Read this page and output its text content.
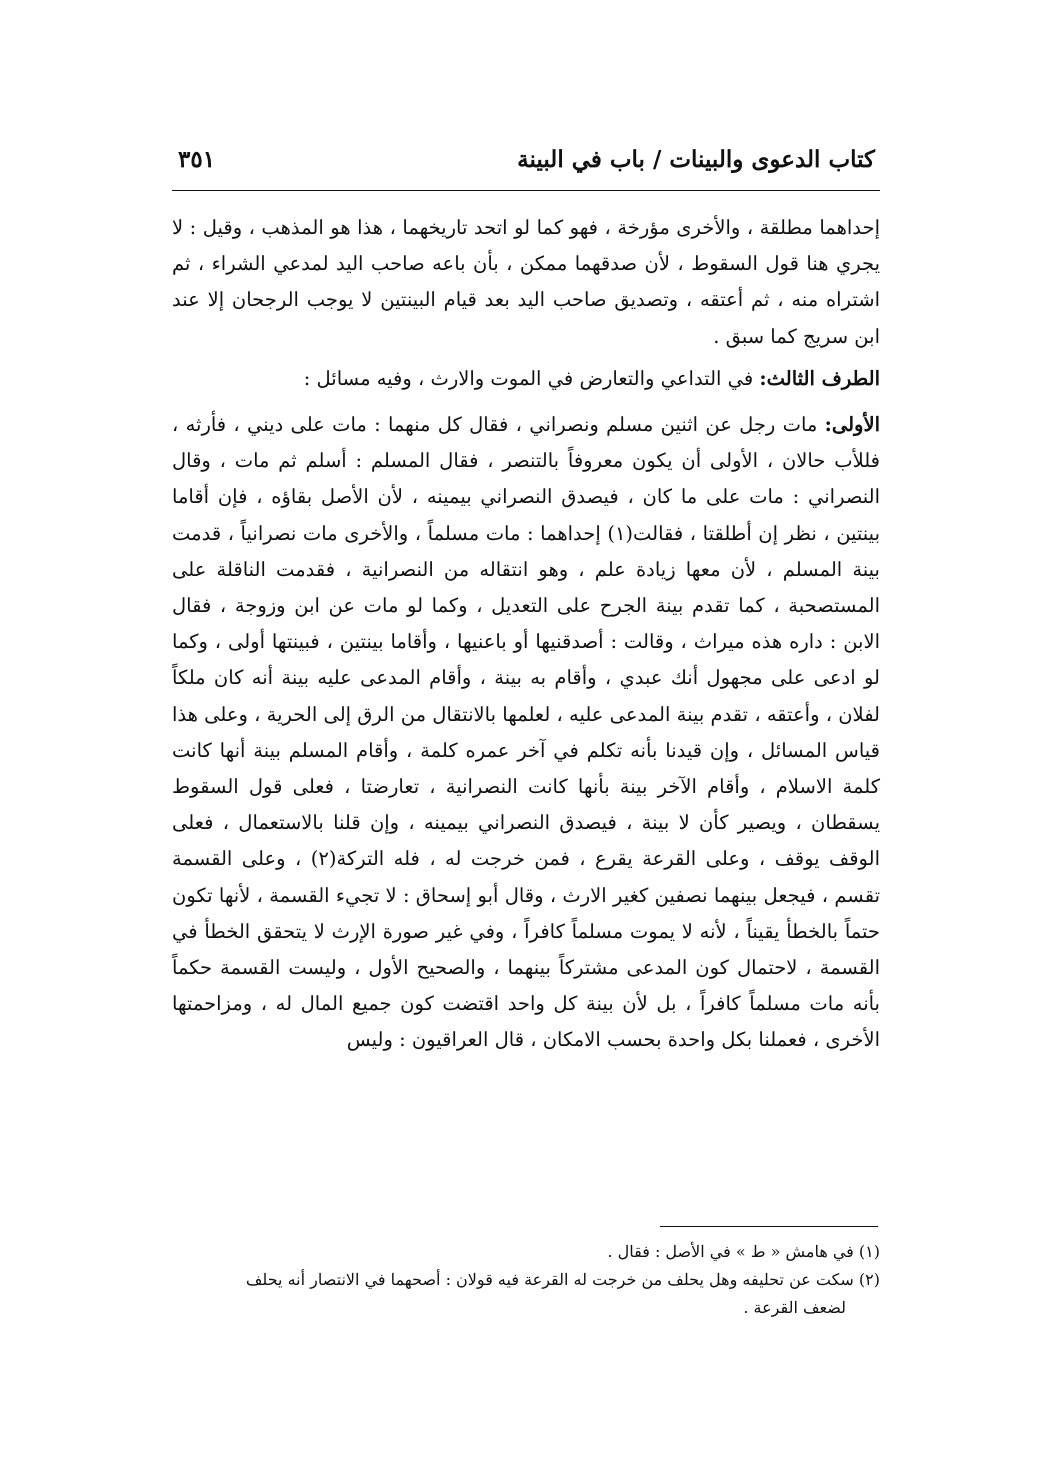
كتاب الدعوى والبينات / باب في البينة
٣٥١

إحداهما مطلقة ، والأخرى مؤرخة ، فهو كما لو اتحد تاريخهما ، هذا هو المذهب ، وقيل : لا يجري هنا قول السقوط ، لأن صدقهما ممكن ، بأن باعه صاحب اليد لمدعي الشراء ، ثم اشتراه منه ، ثم أعتقه ، وتصديق صاحب اليد بعد قيام البينتين لا يوجب الرجحان إلا عند ابن سريج كما سبق .

الطرف الثالث: في التداعي والتعارض في الموت والارث ، وفيه مسائل :

الأولى: مات رجل عن اثنين مسلم ونصراني ، فقال كل منهما : مات على ديني ، فأرثه ، فللأب حالان ، الأولى أن يكون معروفاً بالتنصر ، فقال المسلم : أسلم ثم مات ، وقال النصراني : مات على ما كان ، فيصدق النصراني بيمينه ، لأن الأصل بقاؤه ، فإن أقاما بينتين ، نظر إن أطلقتا ، فقالت(١) إحداهما : مات مسلماً ، والأخرى مات نصرانياً ، قدمت بينة المسلم ، لأن معها زيادة علم ، وهو انتقاله من النصرانية ، فقدمت الناقلة على المستصحبة ، كما تقدم بينة الجرح على التعديل ، وكما لو مات عن ابن وزوجة ، فقال الابن : داره هذه ميراث ، وقالت : أصدقنيها أو باعنيها ، وأقاما بينتين ، فبينتها أولى ، وكما لو ادعى على مجهول أنك عبدي ، وأقام به بينة ، وأقام المدعى عليه بينة أنه كان ملكاً لفلان ، وأعتقه ، تقدم بينة المدعى عليه ، لعلمها بالانتقال من الرق إلى الحرية ، وعلى هذا قياس المسائل ، وإن قيدنا بأنه تكلم في آخر عمره كلمة ، وأقام المسلم بينة أنها كانت كلمة الاسلام ، وأقام الآخر بينة بأنها كانت النصرانية ، تعارضتا ، فعلى قول السقوط يسقطان ، ويصير كأن لا بينة ، فيصدق النصراني بيمينه ، وإن قلنا بالاستعمال ، فعلى الوقف يوقف ، وعلى القرعة يقرع ، فمن خرجت له ، فله التركة(٢) ، وعلى القسمة تقسم ، فيجعل بينهما نصفين كغير الارث ، وقال أبو إسحاق : لا تجيء القسمة ، لأنها تكون حتماً بالخطأ يقيناً ، لأنه لا يموت مسلماً كافراً ، وفي غير صورة الإرث لا يتحقق الخطأ في القسمة ، لاحتمال كون المدعى مشتركاً بينهما ، والصحيح الأول ، وليست القسمة حكماً بأنه مات مسلماً كافراً ، بل لأن بينة كل واحد اقتضت كون جميع المال له ، ومزاحمتها الأخرى ، فعملنا بكل واحدة بحسب الامكان ، قال العراقيون : وليس

(١) في هامش « ط » في الأصل : فقال .

(٢) سكت عن تحليفه وهل يحلف من خرجت له القرعة فيه قولان : أصحهما في الانتصار أنه يحلف

لضعف القرعة .
